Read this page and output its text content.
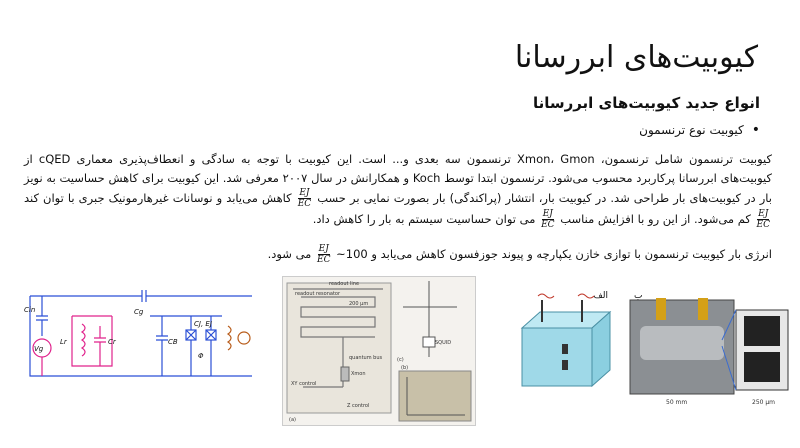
کیوبیت‌های ابررسانا
انواع جدید کیوبیت‌های ابررسانا
•
کیوبیت نوع ترنسمون
کیوبیت ترنسمون شامل ترنسمون، Xmon، Gmon ترنسمون سه بعدی و... است. این کیوبیت با توجه به سادگی و انعطاف‌پذیری معماری cQED از کیوبیت‌های ابررسانا پرکاربرد محسوب می‌شود. ترنسمون ابتدا توسط Koch و همکارانش در سال ۲۰۰۷ معرفی شد. این کیوبیت برای کاهش حساسیت به نویز بار در کیوبیت‌های بار طراحی شد. در کیوبیت بار، انتشار (پراکندگی) بار بصورت نمایی بر حسب
$\frac{EJ}{EC}$
کاهش می‌یابد و نوسانات غیرهارمونیک جبری با توان کند
$\frac{EJ}{EC}$
کم می‌شود. از این رو با افزایش مناسب
$\frac{EJ}{EC}$
می توان حساسیت سیستم به بار را کاهش داد.
انرژی بار کیوبیت ترنسمون با توازی خازن یکپارچه و پیوند جوزفسون کاهش می‌یابد و 100~
$\frac{EJ}{EC}$
می شود.
Cin
Vg
Lr	Cr
Cg
CB
CJ, EJ
Φ
readout line
readout resonator
200 μm
quantum bus
Xmon
XY control
Z control
SQUID
(a)
(b)
(c)
الف	ب
50 mm	250 μm
